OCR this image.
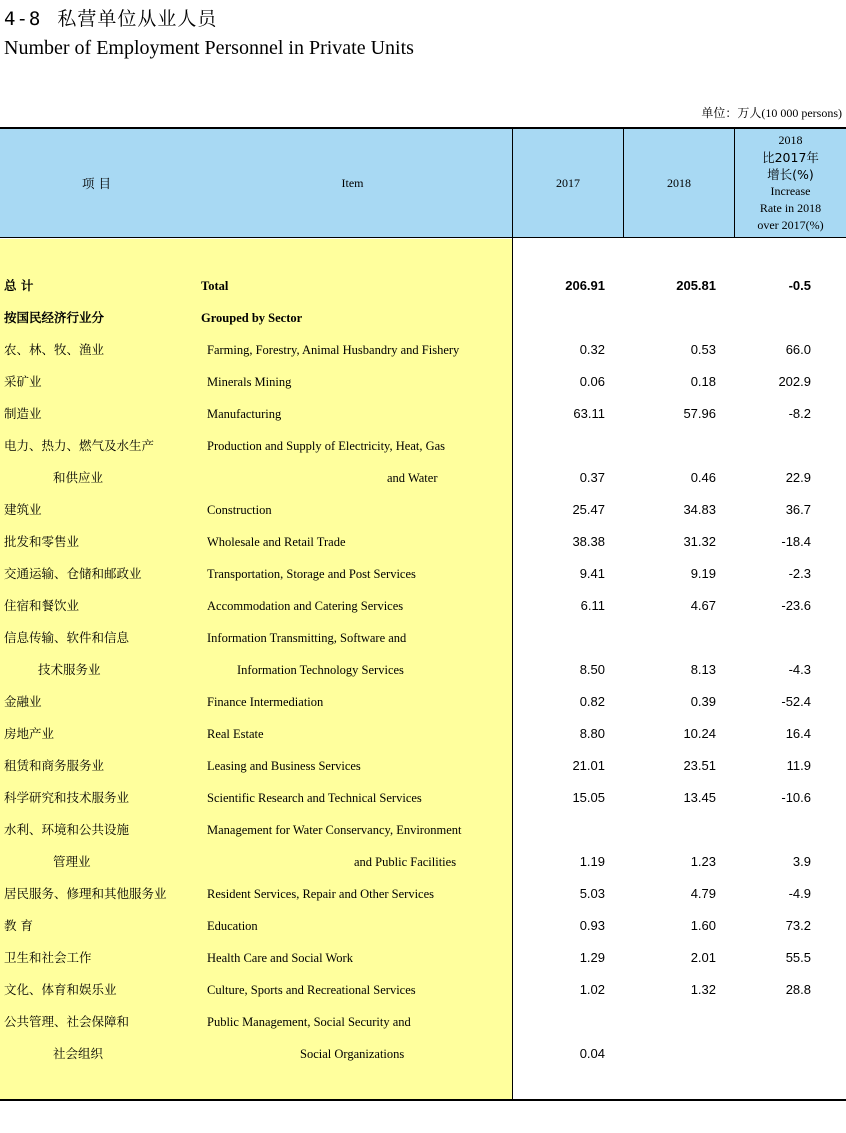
4-8 私营单位从业人员
Number of Employment Personnel in Private Units
单位：万人(10 000 persons)
项 目	Item	2017	2018
2018
比2017年
增长(%)
Increase
Rate in 2018
over 2017(%)
总 计	Total	206.91	205.81	-0.5
按国民经济行业分	Grouped by Sector
农、林、牧、渔业	Farming, Forestry, Animal Husbandry and Fishery	0.32	0.53	66.0
采矿业	Minerals Mining	0.06	0.18	202.9
制造业	Manufacturing	63.11	57.96	-8.2
电力、热力、燃气及水生产	Production and Supply of Electricity, Heat, Gas
和供应业	and Water	0.37	0.46	22.9
建筑业	Construction	25.47	34.83	36.7
批发和零售业	Wholesale and Retail Trade	38.38	31.32	-18.4
交通运输、仓储和邮政业	Transportation, Storage and Post Services	9.41	9.19	-2.3
住宿和餐饮业	Accommodation and Catering Services	6.11	4.67	-23.6
信息传输、软件和信息	Information Transmitting, Software and
技术服务业	Information Technology Services	8.50	8.13	-4.3
金融业	Finance Intermediation	0.82	0.39	-52.4
房地产业	Real Estate	8.80	10.24	16.4
租赁和商务服务业	Leasing and Business Services	21.01	23.51	11.9
科学研究和技术服务业	Scientific Research and Technical Services	15.05	13.45	-10.6
水利、环境和公共设施	Management for Water Conservancy, Environment
管理业	and Public Facilities	1.19	1.23	3.9
居民服务、修理和其他服务业	Resident Services, Repair and Other Services	5.03	4.79	-4.9
教 育	Education	0.93	1.60	73.2
卫生和社会工作	Health Care and Social Work	1.29	2.01	55.5
文化、体育和娱乐业	Culture, Sports and Recreational Services	1.02	1.32	28.8
公共管理、社会保障和	Public Management, Social Security and
社会组织	Social Organizations	0.04
